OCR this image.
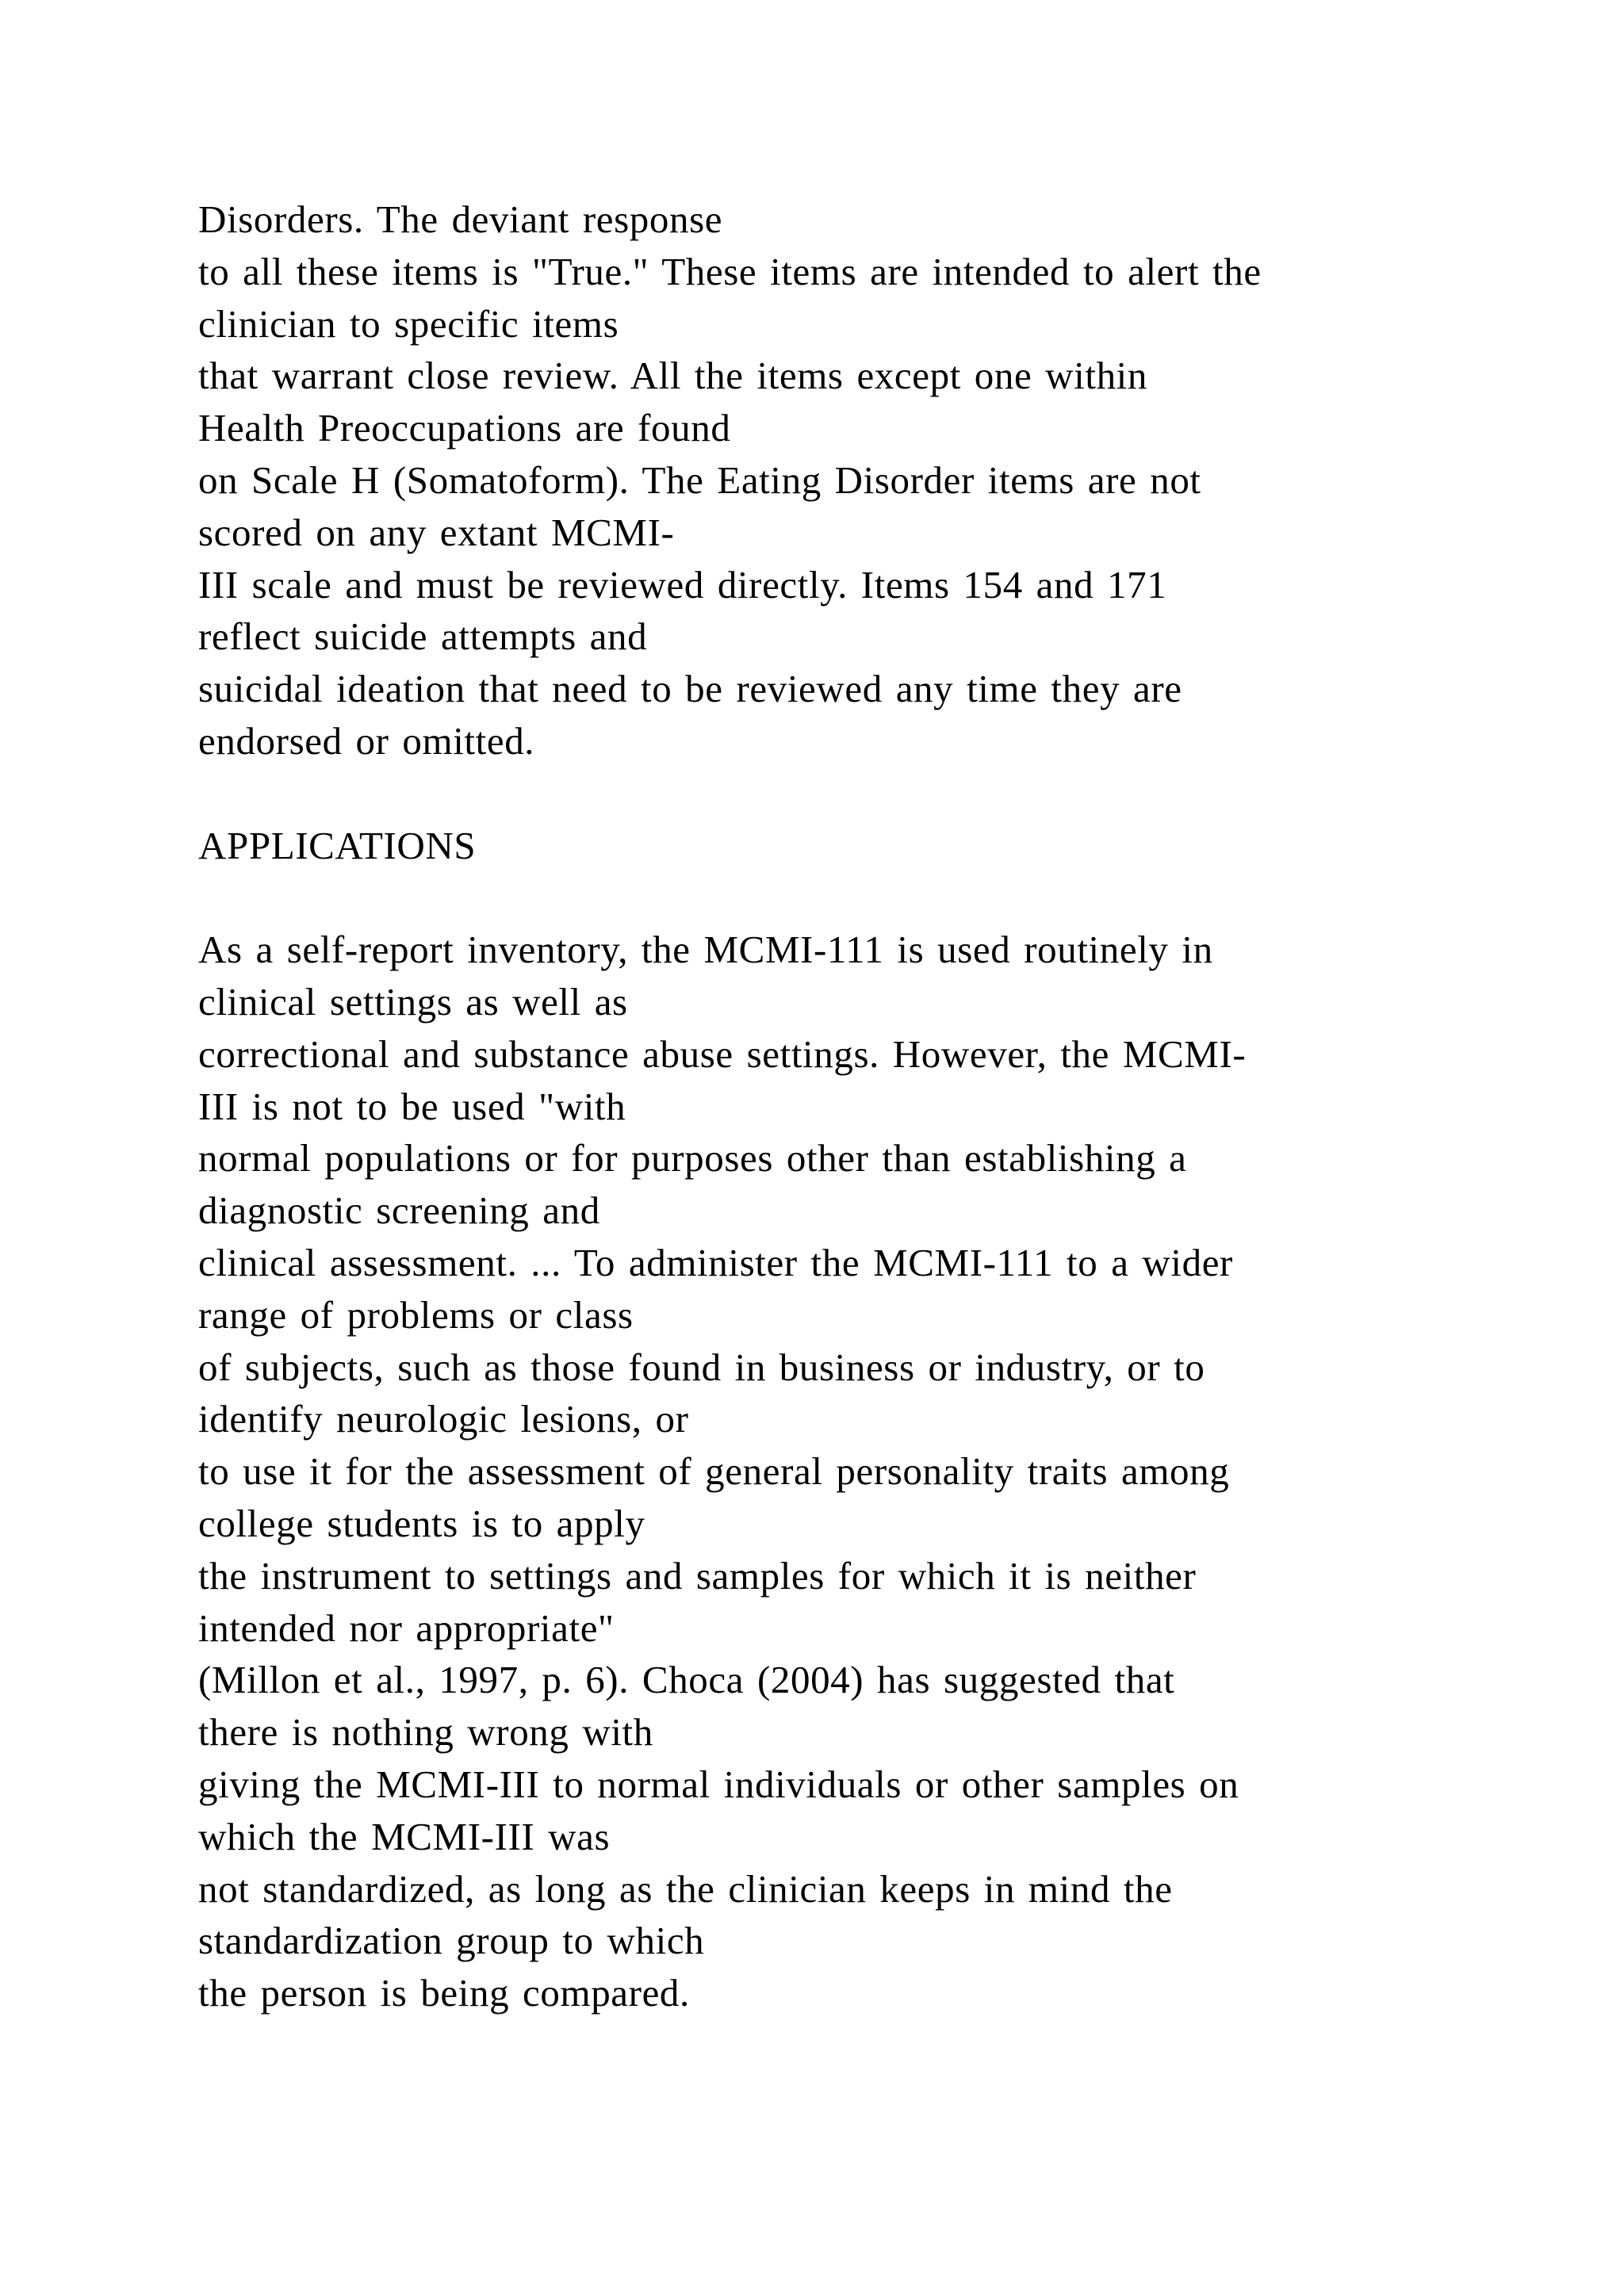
Disorders. The deviant response
to all these items is "True." These items are intended to alert the
clinician to specific items
that warrant close review. All the items except one within
Health Preoccupations are found
on Scale H (Somatoform). The Eating Disorder items are not
scored on any extant MCMI-
III scale and must be reviewed directly. Items 154 and 171
reflect suicide attempts and
suicidal ideation that need to be reviewed any time they are
endorsed or omitted.
APPLICATIONS
As a self-report inventory, the MCMI-111 is used routinely in
clinical settings as well as
correctional and substance abuse settings. However, the MCMI-
III is not to be used "with
normal populations or for purposes other than establishing a
diagnostic screening and
clinical assessment. ... To administer the MCMI-111 to a wider
range of problems or class
of subjects, such as those found in business or industry, or to
identify neurologic lesions, or
to use it for the assessment of general personality traits among
college students is to apply
the instrument to settings and samples for which it is neither
intended nor appropriate"
(Millon et al., 1997, p. 6). Choca (2004) has suggested that
there is nothing wrong with
giving the MCMI-III to normal individuals or other samples on
which the MCMI-III was
not standardized, as long as the clinician keeps in mind the
standardization group to which
the person is being compared.
